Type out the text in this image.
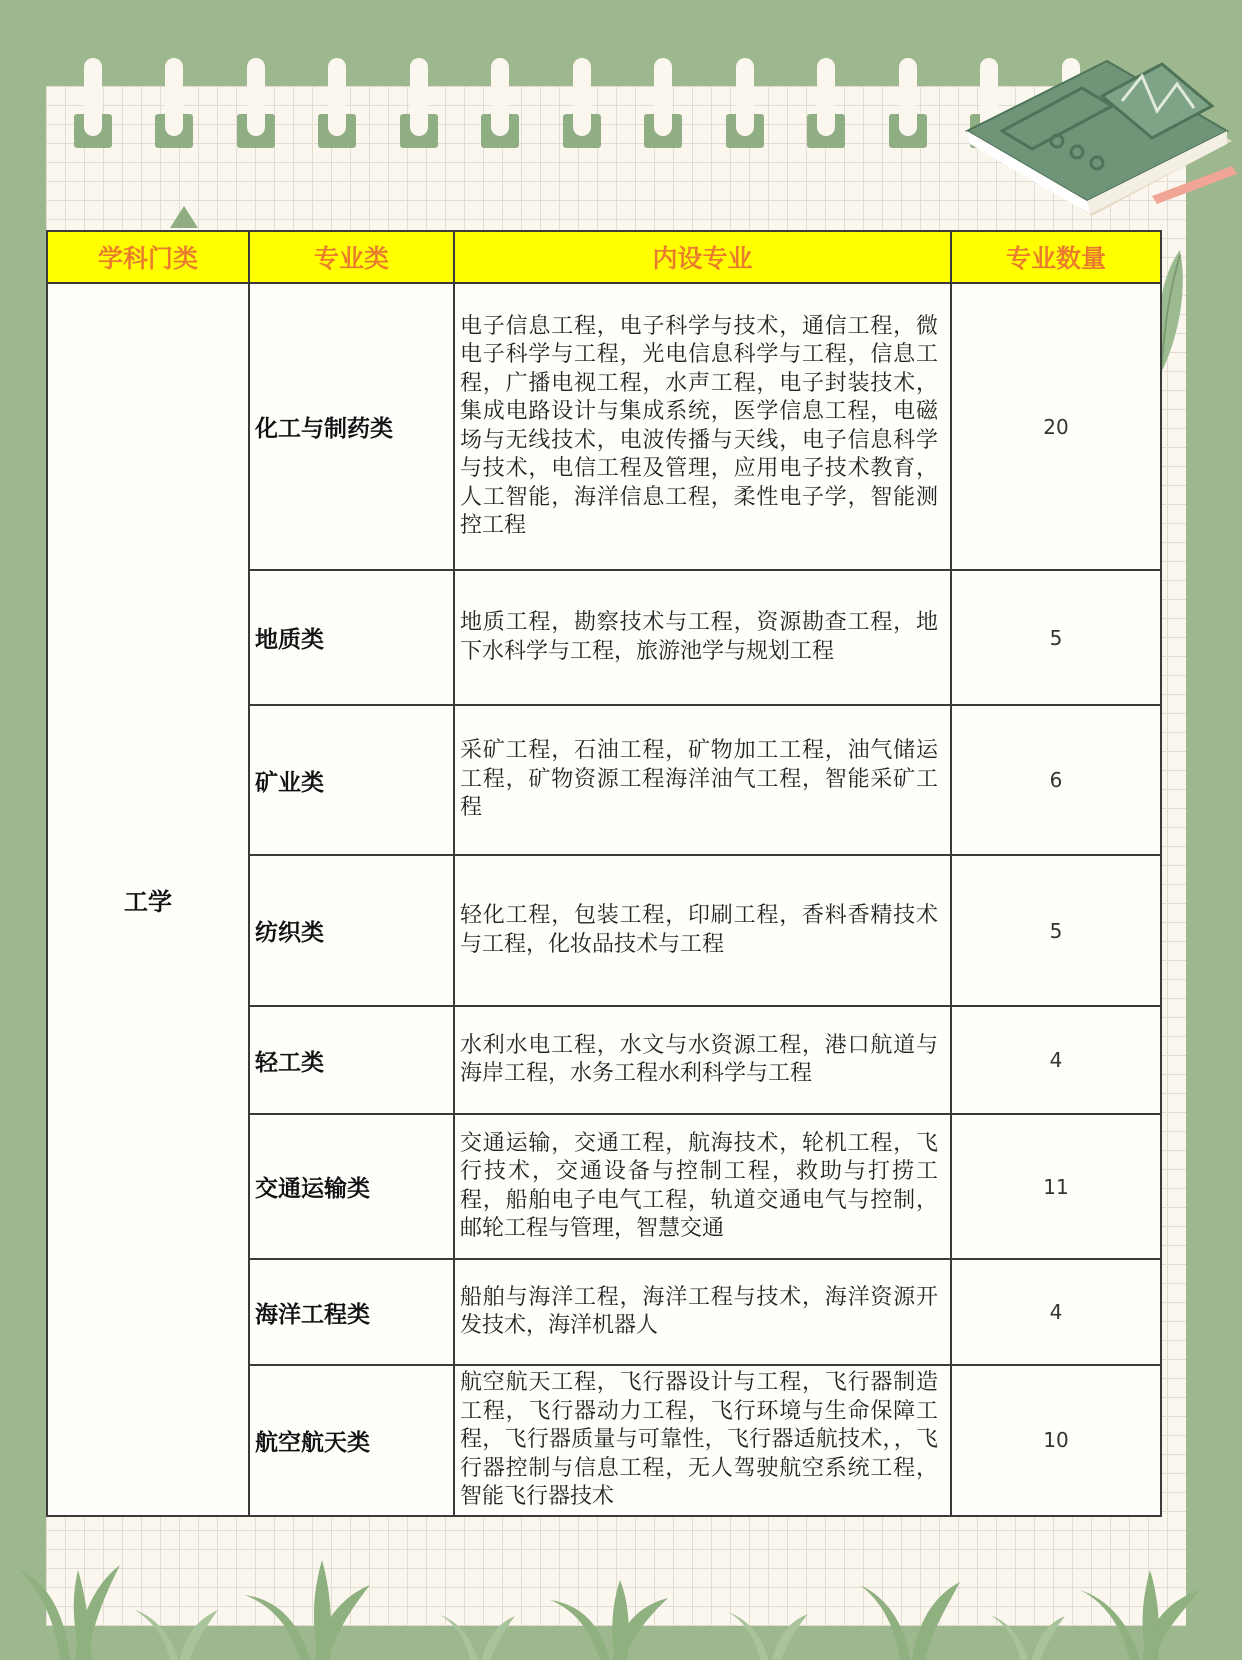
学科门类	专业类	内设专业	专业数量
工学	化工与制药类	电子信息工程，电子科学与技术，通信工程，微电子科学与工程，光电信息科学与工程，信息工程，广播电视工程，水声工程，电子封装技术，集成电路设计与集成系统，医学信息工程，电磁场与无线技术，电波传播与天线，电子信息科学与技术，电信工程及管理，应用电子技术教育，人工智能，海洋信息工程，柔性电子学，智能测控工程	20
	地质类	地质工程，勘察技术与工程，资源勘查工程，地下水科学与工程，旅游池学与规划工程	5
	矿业类	采矿工程，石油工程，矿物加工工程，油气储运工程，矿物资源工程海洋油气工程，智能采矿工程	6
	纺织类	轻化工程，包装工程，印刷工程，香料香精技术与工程，化妆品技术与工程	5
	轻工类	水利水电工程，水文与水资源工程，港口航道与海岸工程，水务工程水利科学与工程	4
	交通运输类	交通运输，交通工程，航海技术，轮机工程，飞行技术，交通设备与控制工程，救助与打捞工程，船舶电子电气工程，轨道交通电气与控制，邮轮工程与管理，智慧交通	11
	海洋工程类	船舶与海洋工程，海洋工程与技术，海洋资源开发技术，海洋机器人	4
	航空航天类	航空航天工程，飞行器设计与工程，飞行器制造工程，飞行器动力工程，飞行环境与生命保障工程，飞行器质量与可靠性，飞行器适航技术，，飞行器控制与信息工程，无人驾驶航空系统工程，智能飞行器技术	10
